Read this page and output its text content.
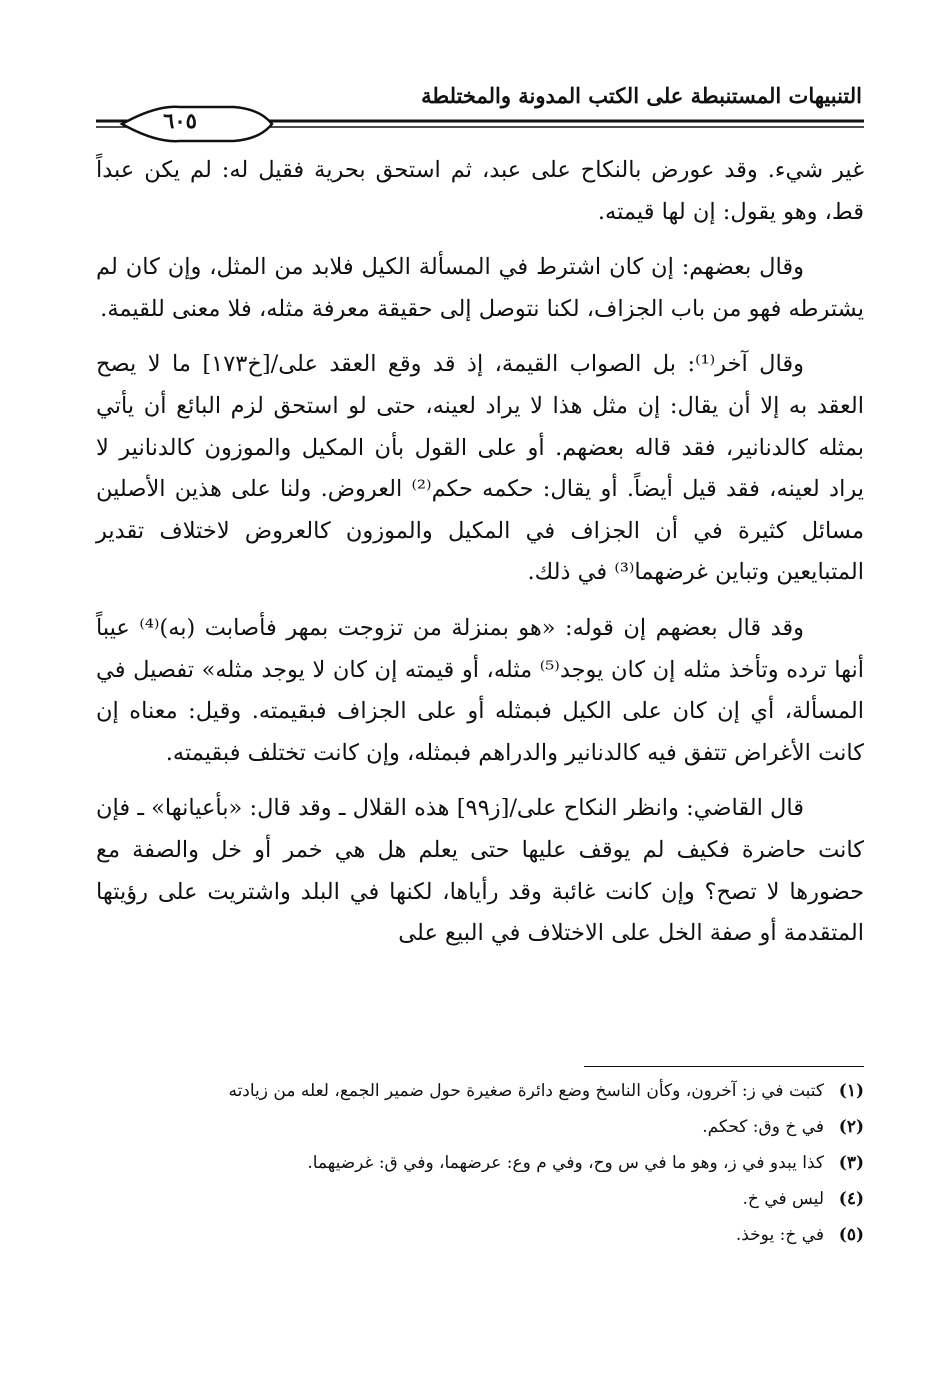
التنبيهات المستنبطة على الكتب المدونة والمختلطة
٦٠٥

غير شيء. وقد عورض بالنكاح على عبد، ثم استحق بحرية فقيل له: لم يكن عبداً قط، وهو يقول: إن لها قيمته.

وقال بعضهم: إن كان اشترط في المسألة الكيل فلابد من المثل، وإن كان لم يشترطه فهو من باب الجزاف، لكنا نتوصل إلى حقيقة معرفة مثله، فلا معنى للقيمة.

وقال آخر⁽¹⁾: بل الصواب القيمة، إذ قد وقع العقد على/[خ١٧٣] ما لا يصح العقد به إلا أن يقال: إن مثل هذا لا يراد لعينه، حتى لو استحق لزم البائع أن يأتي بمثله كالدنانير، فقد قاله بعضهم. أو على القول بأن المكيل والموزون كالدنانير لا يراد لعينه، فقد قيل أيضاً. أو يقال: حكمه حكم⁽²⁾ العروض. ولنا على هذين الأصلين مسائل كثيرة في أن الجزاف في المكيل والموزون كالعروض لاختلاف تقدير المتبايعين وتباين غرضهما⁽³⁾ في ذلك.

وقد قال بعضهم إن قوله: «هو بمنزلة من تزوجت بمهر فأصابت (به)⁽⁴⁾ عيباً أنها ترده وتأخذ مثله إن كان يوجد⁽⁵⁾ مثله، أو قيمته إن كان لا يوجد مثله» تفصيل في المسألة، أي إن كان على الكيل فبمثله أو على الجزاف فبقيمته. وقيل: معناه إن كانت الأغراض تتفق فيه كالدنانير والدراهم فبمثله، وإن كانت تختلف فبقيمته.

قال القاضي: وانظر النكاح على/[ز٩٩] هذه القلال ـ وقد قال: «بأعيانها» ـ فإن كانت حاضرة فكيف لم يوقف عليها حتى يعلم هل هي خمر أو خل والصفة مع حضورها لا تصح؟ وإن كانت غائبة وقد رأياها، لكنها في البلد واشتريت على رؤيتها المتقدمة أو صفة الخل على الاختلاف في البيع على

(١)
كتبت في ز: آخرون، وكأن الناسخ وضع دائرة صغيرة حول ضمير الجمع، لعله من زيادته
(٢)
في خ وق: كحكم.
(٣)
كذا يبدو في ز، وهو ما في س وح، وفي م وع: عرضهما، وفي ق: غرضيهما.
(٤)
ليس في خ.
(٥)
في خ: يوخذ.
